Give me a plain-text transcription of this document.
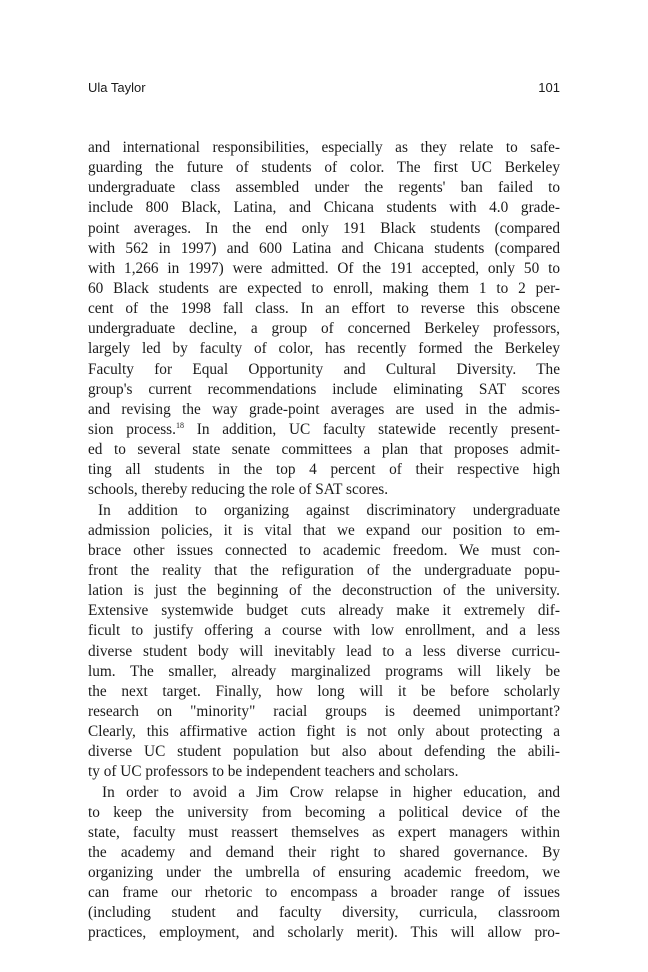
Ula Taylor	101
and international responsibilities, especially as they relate to safe-
guarding the future of students of color. The first UC Berkeley
undergraduate class assembled under the regents' ban failed to
include 800 Black, Latina, and Chicana students with 4.0 grade-
point averages. In the end only 191 Black students (compared
with 562 in 1997) and 600 Latina and Chicana students (compared
with 1,266 in 1997) were admitted. Of the 191 accepted, only 50 to
60 Black students are expected to enroll, making them 1 to 2 per-
cent of the 1998 fall class. In an effort to reverse this obscene
undergraduate decline, a group of concerned Berkeley professors,
largely led by faculty of color, has recently formed the Berkeley
Faculty for Equal Opportunity and Cultural Diversity. The
group's current recommendations include eliminating SAT scores
and revising the way grade-point averages are used in the admis-
sion process.$^{18}$ In addition, UC faculty statewide recently present-
ed to several state senate committees a plan that proposes admit-
ting all students in the top 4 percent of their respective high
schools, thereby reducing the role of SAT scores.
In addition to organizing against discriminatory undergraduate
admission policies, it is vital that we expand our position to em-
brace other issues connected to academic freedom. We must con-
front the reality that the refiguration of the undergraduate popu-
lation is just the beginning of the deconstruction of the university.
Extensive systemwide budget cuts already make it extremely dif-
ficult to justify offering a course with low enrollment, and a less
diverse student body will inevitably lead to a less diverse curricu-
lum. The smaller, already marginalized programs will likely be
the next target. Finally, how long will it be before scholarly
research on "minority" racial groups is deemed unimportant?
Clearly, this affirmative action fight is not only about protecting a
diverse UC student population but also about defending the abili-
ty of UC professors to be independent teachers and scholars.
In order to avoid a Jim Crow relapse in higher education, and
to keep the university from becoming a political device of the
state, faculty must reassert themselves as expert managers within
the academy and demand their right to shared governance. By
organizing under the umbrella of ensuring academic freedom, we
can frame our rhetoric to encompass a broader range of issues
(including student and faculty diversity, curricula, classroom
practices, employment, and scholarly merit). This will allow pro-
